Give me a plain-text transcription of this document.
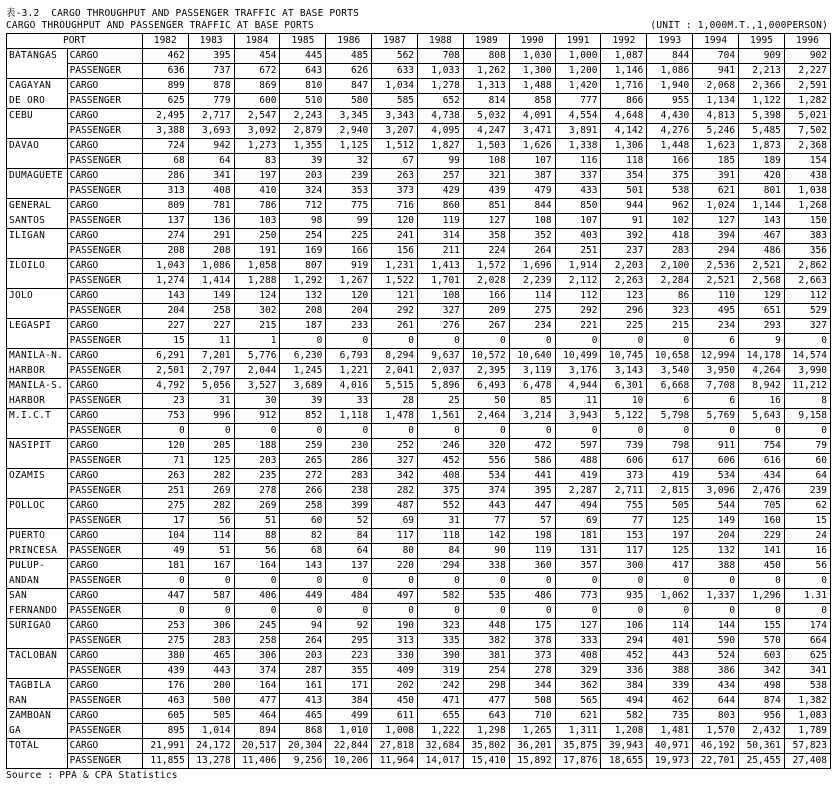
表-3.2  CARGO THROUGHPUT AND PASSENGER TRAFFIC AT BASE PORTS
CARGO THROUGHPUT AND PASSENGER TRAFFIC AT BASE PORTS	(UNIT : 1,000M.T.,1,000PERSON)
PORT		1982	1983	1984	1985	1986	1987	1988	1989	1990	1991	1992	1993	1994	1995	1996
BATANGAS	CARGO	462	395	454	445	485	562	708	808	1,030	1,000	1,087	844	704	909	902
	PASSENGER	636	737	672	643	626	633	1,033	1,262	1,300	1,200	1,146	1,086	941	2,213	2,227
CAGAYAN	CARGO	899	878	869	810	847	1,034	1,278	1,313	1,488	1,420	1,716	1,940	2,068	2,366	2,591
DE ORO	PASSENGER	625	779	600	510	580	585	652	814	858	777	866	955	1,134	1,122	1,282
CEBU	CARGO	2,495	2,717	2,547	2,243	3,345	3,343	4,738	5,032	4,091	4,554	4,648	4,430	4,813	5,398	5,021
	PASSENGER	3,388	3,693	3,092	2,879	2,940	3,207	4,095	4,247	3,471	3,891	4,142	4,276	5,246	5,485	7,502
DAVAO	CARGO	724	942	1,273	1,355	1,125	1,512	1,827	1,503	1,626	1,338	1,306	1,448	1,623	1,873	2,368
	PASSENGER	68	64	83	39	32	67	99	108	107	116	118	166	185	189	154
DUMAGUETE	CARGO	286	341	197	203	239	263	257	321	387	337	354	375	391	420	438
	PASSENGER	313	408	410	324	353	373	429	439	479	433	501	538	621	801	1,038
GENERAL	CARGO	809	781	786	712	775	716	860	851	844	850	944	962	1,024	1,144	1,268
SANTOS	PASSENGER	137	136	103	98	99	120	119	127	108	107	91	102	127	143	150
ILIGAN	CARGO	274	291	250	254	225	241	314	358	352	403	392	418	394	467	383
	PASSENGER	208	208	191	169	166	156	211	224	264	251	237	283	294	486	356
ILOILO	CARGO	1,043	1,086	1,058	807	919	1,231	1,413	1,572	1,696	1,914	2,203	2,100	2,536	2,521	2,862
	PASSENGER	1,274	1,414	1,288	1,292	1,267	1,522	1,701	2,028	2,239	2,112	2,263	2,284	2,521	2,568	2,663
JOLO	CARGO	143	149	124	132	120	121	108	166	114	112	123	86	110	129	112
	PASSENGER	204	258	302	208	204	292	327	209	275	292	296	323	495	651	529
LEGASPI	CARGO	227	227	215	187	233	261	276	267	234	221	225	215	234	293	327
	PASSENGER	15	11	1	0	0	0	0	0	0	0	0	0	6	9	0
MANILA-N.	CARGO	6,291	7,201	5,776	6,230	6,793	8,294	9,637	10,572	10,640	10,499	10,745	10,658	12,994	14,178	14,574
HARBOR	PASSENGER	2,501	2,797	2,044	1,245	1,221	2,041	2,037	2,395	3,119	3,176	3,143	3,540	3,950	4,264	3,990
MANILA-S.	CARGO	4,792	5,056	3,527	3,689	4,016	5,515	5,896	6,493	6,478	4,944	6,301	6,668	7,708	8,942	11,212
HARBOR	PASSENGER	23	31	30	39	33	28	25	50	85	11	10	6	6	16	8
M.I.C.T	CARGO	753	996	912	852	1,118	1,478	1,561	2,464	3,214	3,943	5,122	5,798	5,769	5,643	9,158
	PASSENGER	0	0	0	0	0	0	0	0	0	0	0	0	0	0	0
NASIPIT	CARGO	120	205	188	259	230	252	246	320	472	597	739	798	911	754	79
	PASSENGER	71	125	203	265	286	327	452	556	586	488	606	617	606	616	60
OZAMIS	CARGO	263	282	235	272	283	342	408	534	441	419	373	419	534	434	64
	PASSENGER	251	269	278	266	238	282	375	374	395	2,287	2,711	2,815	3,096	2,476	239
POLLOC	CARGO	275	282	269	258	399	487	552	443	447	494	755	505	544	705	62
	PASSENGER	17	56	51	60	52	69	31	77	57	69	77	125	149	160	15
PUERTO	CARGO	104	114	88	82	84	117	118	142	198	181	153	197	204	229	24
PRINCESA	PASSENGER	49	51	56	68	64	80	84	90	119	131	117	125	132	141	16
PULUP-	CARGO	181	167	164	143	137	220	294	338	360	357	300	417	388	450	56
ANDAN	PASSENGER	0	0	0	0	0	0	0	0	0	0	0	0	0	0	0
SAN	CARGO	447	587	406	449	484	497	582	535	486	773	935	1,062	1,337	1,296	1.31
FERNANDO	PASSENGER	0	0	0	0	0	0	0	0	0	0	0	0	0	0	0
SURIGAO	CARGO	253	306	245	94	92	190	323	448	175	127	106	114	144	155	174
	PASSENGER	275	283	258	264	295	313	335	382	378	333	294	401	590	570	664
TACLOBAN	CARGO	380	465	306	203	223	330	390	381	373	408	452	443	524	603	625
	PASSENGER	439	443	374	287	355	409	319	254	278	329	336	388	386	342	341
TAGBILA	CARGO	176	200	164	161	171	202	242	298	344	362	384	339	434	498	538
RAN	PASSENGER	463	500	477	413	384	450	471	477	508	565	494	462	644	874	1,382
ZAMBOAN	CARGO	605	505	464	465	499	611	655	643	710	621	582	735	803	956	1,083
GA	PASSENGER	895	1,014	894	868	1,010	1,008	1,222	1,298	1,265	1,311	1,208	1,481	1,570	2,432	1,789
TOTAL	CARGO	21,991	24,172	20,517	20,304	22,844	27,818	32,684	35,802	36,201	35,875	39,943	40,971	46,192	50,361	57,823
	PASSENGER	11,855	13,278	11,406	9,256	10,206	11,964	14,017	15,410	15,892	17,876	18,655	19,973	22,701	25,455	27,408
Source : PPA & CPA Statistics
